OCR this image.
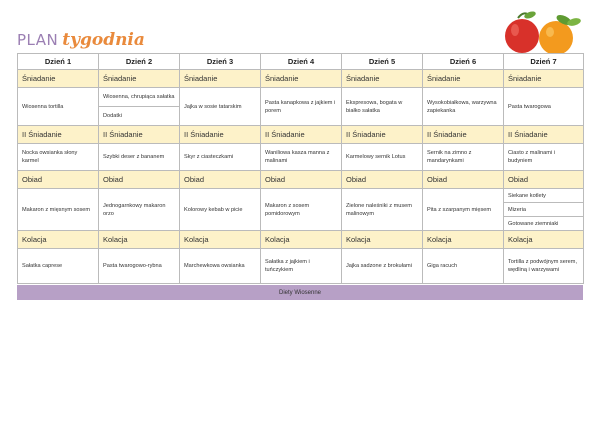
PLAN tygodnia
Dzień 1	Dzień 2	Dzień 3	Dzień 4	Dzień 5	Dzień 6	Dzień 7
Śniadanie	Śniadanie	Śniadanie	Śniadanie	Śniadanie	Śniadanie	Śniadanie
Wiosenna tortilla	Wiosenna, chrupiąca sałatka	Jajka w sosie tatarskim	Pasta kanapkowa z jajkiem i porem	Ekspresowa, bogata w białko sałatka	Wysokobiałkowa, warzywna zapiekanka	Pasta twarogowa
	Dodatki					
II Śniadanie	II Śniadanie	II Śniadanie	II Śniadanie	II Śniadanie	II Śniadanie	II Śniadanie
Nocka owsianka słony karmel	Szybki deser z bananem	Skyr z ciasteczkami	Waniliowa kasza manna z malinami	Karmelowy sernik Lotus	Sernik na zimno z mandarynkami	Ciasto z malinami i budyniem
Obiad	Obiad	Obiad	Obiad	Obiad	Obiad	Obiad
Makaron z mięsnym sosem	Jednogarnkowy makaron orzo	Kolorowy kebab w picie	Makaron z sosem pomidorowym	Zielone naleśniki z musem malinowym	Pita z szarpanym mięsem	Siekane kotlety
						Mizeria
						Gotowane ziemniaki
Kolacja	Kolacja	Kolacja	Kolacja	Kolacja	Kolacja	Kolacja
Sałatka caprese	Pasta twarogowo-rybna	Marchewkowa owsianka	Sałatka z jajkiem i tuńczykiem	Jajka sadzone z brokułami	Gigа racuch	Tortilla z podwójnym serem, wędliną i warzywami
Diety Wiosenne
